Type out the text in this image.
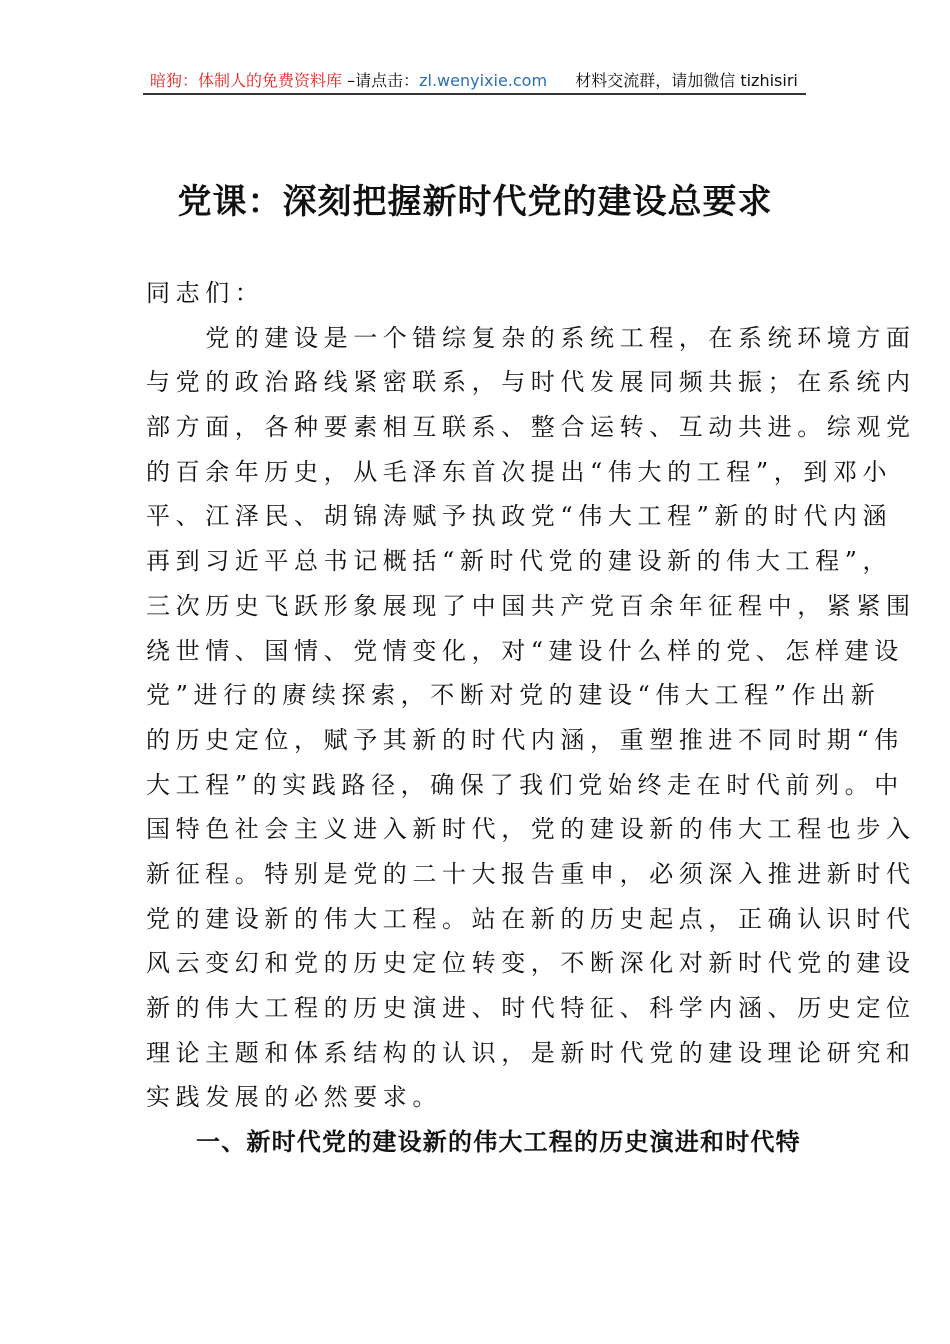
暗狗：体制人的免费资料库 –请点击：zl.wenyixie.com 材料交流群，请加微信 tizhisiri
党课：深刻把握新时代党的建设总要求
同志们：
　　党的建设是一个错综复杂的系统工程，在系统环境方面
与党的政治路线紧密联系，与时代发展同频共振；在系统内
部方面，各种要素相互联系、整合运转、互动共进。综观党
的百余年历史，从毛泽东首次提出“伟大的工程”，到邓小
平、江泽民、胡锦涛赋予执政党“伟大工程”新的时代内涵
再到习近平总书记概括“新时代党的建设新的伟大工程”，
三次历史飞跃形象展现了中国共产党百余年征程中，紧紧围
绕世情、国情、党情变化，对“建设什么样的党、怎样建设
党”进行的赓续探索，不断对党的建设“伟大工程”作出新
的历史定位，赋予其新的时代内涵，重塑推进不同时期“伟
大工程”的实践路径，确保了我们党始终走在时代前列。中
国特色社会主义进入新时代，党的建设新的伟大工程也步入
新征程。特别是党的二十大报告重申，必须深入推进新时代
党的建设新的伟大工程。站在新的历史起点，正确认识时代
风云变幻和党的历史定位转变，不断深化对新时代党的建设
新的伟大工程的历史演进、时代特征、科学内涵、历史定位
理论主题和体系结构的认识，是新时代党的建设理论研究和
实践发展的必然要求。
一、新时代党的建设新的伟大工程的历史演进和时代特
